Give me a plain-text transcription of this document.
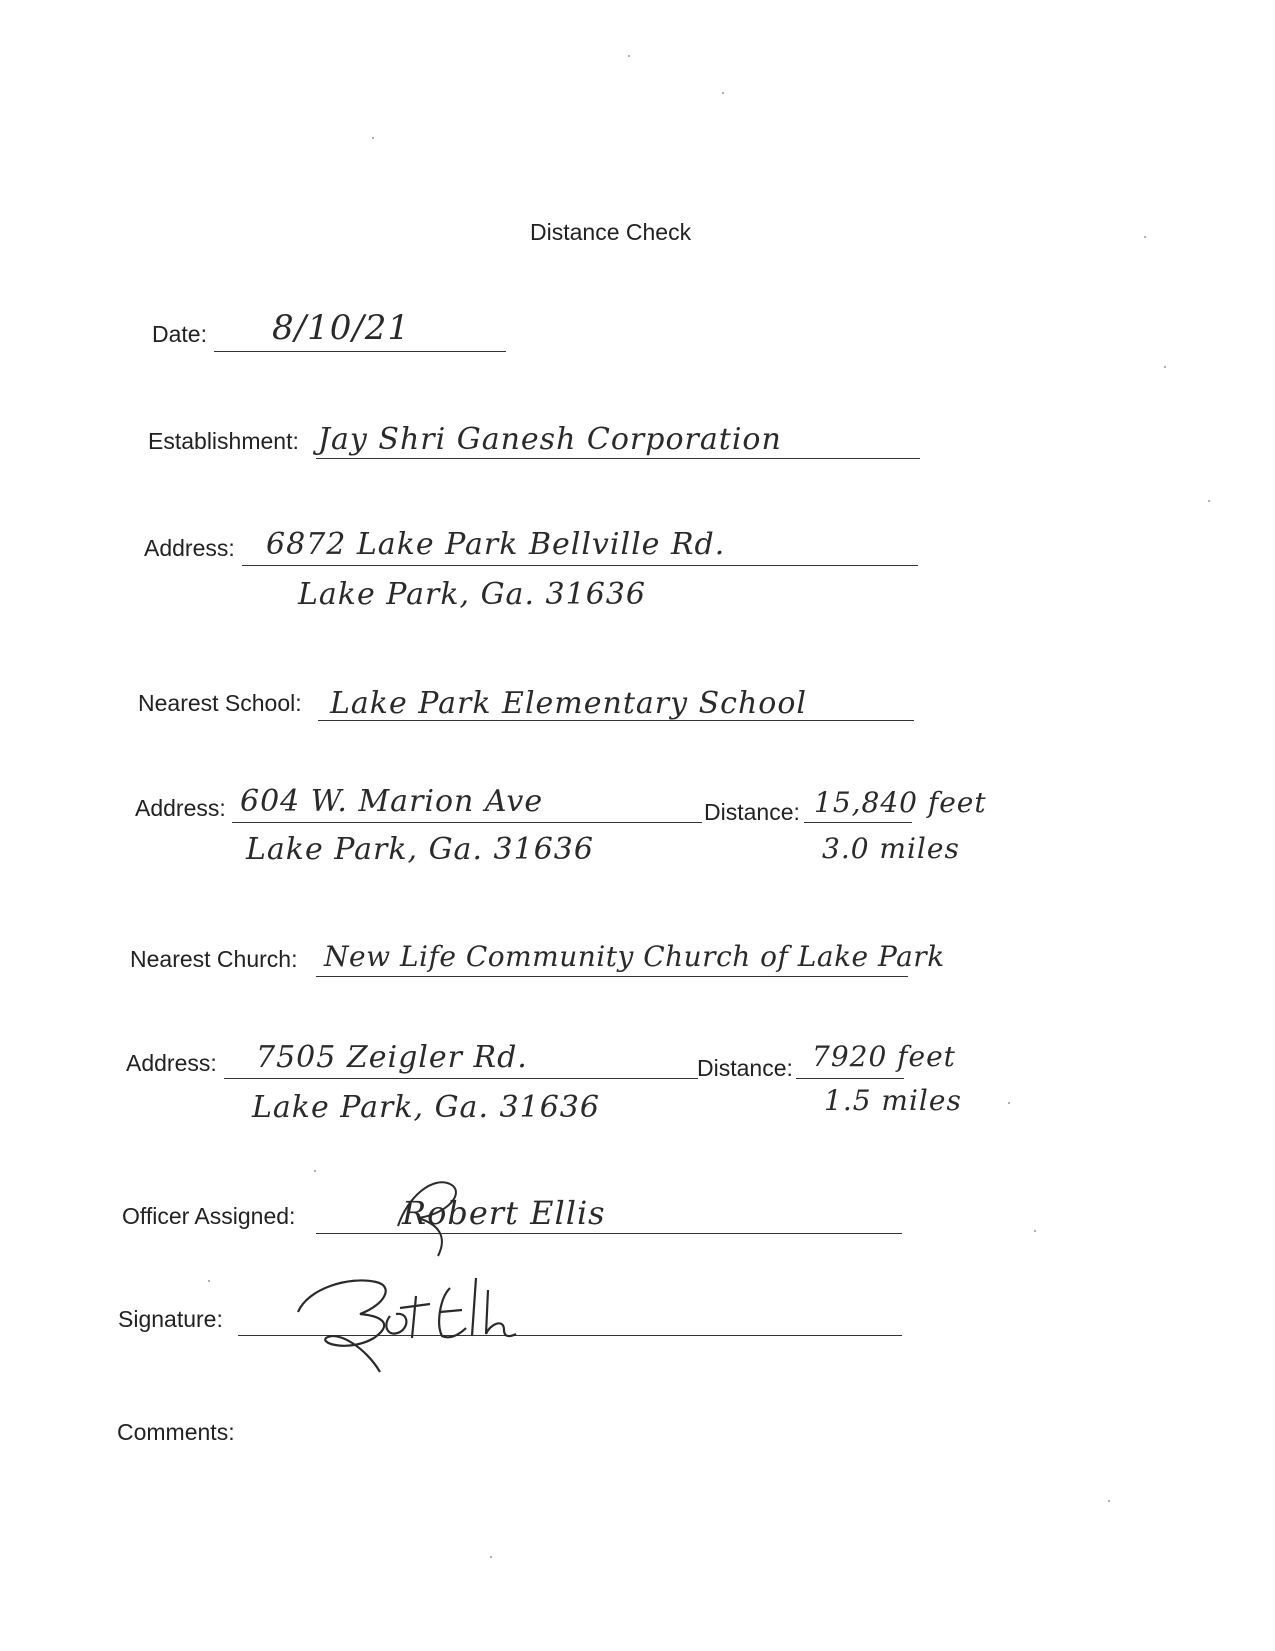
Distance Check
Date: 8/10/21
Establishment: Jay Shri Ganesh Corporation
Address: 6872 Lake Park Bellville Rd.
Lake Park, Ga. 31636
Nearest School: Lake Park Elementary School
Address: 604 W. Marion Ave
Lake Park, Ga. 31636
Distance: 15,840 feet
3.0 miles
Nearest Church: New Life Community Church of Lake Park
Address: 7505 Zeigler Rd.
Lake Park, Ga. 31636
Distance: 7920 feet
1.5 miles
Officer Assigned:	Robert Ellis
Signature:
Comments:
